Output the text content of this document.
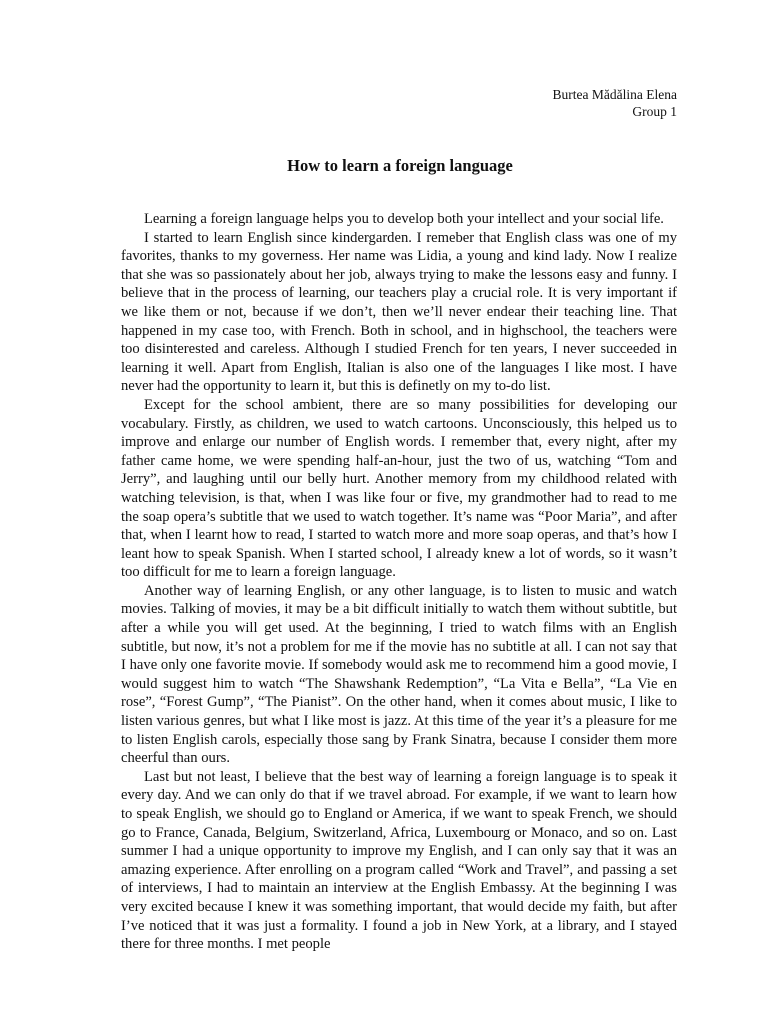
Burtea Mădălina Elena
Group 1
How to learn a foreign language

Learning a foreign language helps you to develop both your intellect and your social life.

I started to learn English since kindergarden. I remeber that English class was one of my favorites, thanks to my governess. Her name was Lidia, a young and kind lady. Now I realize that she was so passionately about her job, always trying to make the lessons easy and funny. I believe that in the process of learning, our teachers play a crucial role. It is very important if we like them or not, because if we don’t, then we’ll never endear their teaching line. That happened in my case too, with French. Both in school, and in highschool, the teachers were too disinterested and careless. Although I studied French for ten years, I never succeeded in learning it well. Apart from English, Italian is also one of the languages I like most. I have never had the opportunity to learn it, but this is definetly on my to-do list.

Except for the school ambient, there are so many possibilities for developing our vocabulary. Firstly, as children, we used to watch cartoons. Unconsciously, this helped us to improve and enlarge our number of English words. I remember that, every night, after my father came home, we were spending half-an-hour, just the two of us, watching “Tom and Jerry”, and laughing until our belly hurt. Another memory from my childhood related with watching television, is that, when I was like four or five, my grandmother had to read to me the soap opera’s subtitle that we used to watch together. It’s name was “Poor Maria”, and after that, when I learnt how to read, I started to watch more and more soap operas, and that’s how I leant how to speak Spanish. When I started school, I already knew a lot of words, so it wasn’t too difficult for me to learn a foreign language.

Another way of learning English, or any other language, is to listen to music and watch movies. Talking of movies, it may be a bit difficult initially to watch them without subtitle, but after a while you will get used. At the beginning, I tried to watch films with an English subtitle, but now, it’s not a problem for me if the movie has no subtitle at all. I can not say that I have only one favorite movie. If somebody would ask me to recommend him a good movie, I would suggest him to watch “The Shawshank Redemption”, “La Vita e Bella”, “La Vie en rose”, “Forest Gump”, “The Pianist”. On the other hand, when it comes about music, I like to listen various genres, but what I like most is jazz. At this time of the year it’s a pleasure for me to listen English carols, especially those sang by Frank Sinatra, because I consider them more cheerful than ours.

Last but not least, I believe that the best way of learning a foreign language is to speak it every day. And we can only do that if we travel abroad. For example, if we want to learn how to speak English, we should go to England or America, if we want to speak French, we should go to France, Canada, Belgium, Switzerland, Africa, Luxembourg or Monaco, and so on. Last summer I had a unique opportunity to improve my English, and I can only say that it was an amazing experience. After enrolling on a program called “Work and Travel”, and passing a set of interviews, I had to maintain an interview at the English Embassy. At the beginning I was very excited because I knew it was something important, that would decide my faith, but after I’ve noticed that it was just a formality. I found a job in New York, at a library, and I stayed there for three months. I met people
